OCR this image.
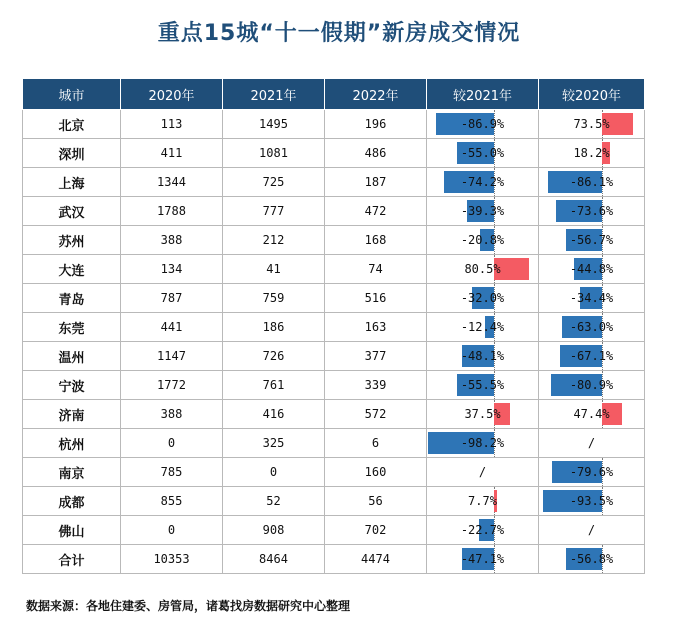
重点15城“十一假期”新房成交情况
城市	2020年	2021年	2022年	较2021年	较2020年
北京	113	1495	196	-86.9%	73.5%
深圳	411	1081	486	-55.0%	18.2%
上海	1344	725	187	-74.2%	-86.1%
武汉	1788	777	472	-39.3%	-73.6%
苏州	388	212	168	-20.8%	-56.7%
大连	134	41	74	80.5%	-44.8%
青岛	787	759	516	-32.0%	-34.4%
东莞	441	186	163	-12.4%	-63.0%
温州	1147	726	377	-48.1%	-67.1%
宁波	1772	761	339	-55.5%	-80.9%
济南	388	416	572	37.5%	47.4%
杭州	0	325	6	-98.2%	/
南京	785	0	160	/	-79.6%
成都	855	52	56	7.7%	-93.5%
佛山	0	908	702	-22.7%	/
合计	10353	8464	4474	-47.1%	-56.8%
数据来源：各地住建委、房管局，诸葛找房数据研究中心整理
